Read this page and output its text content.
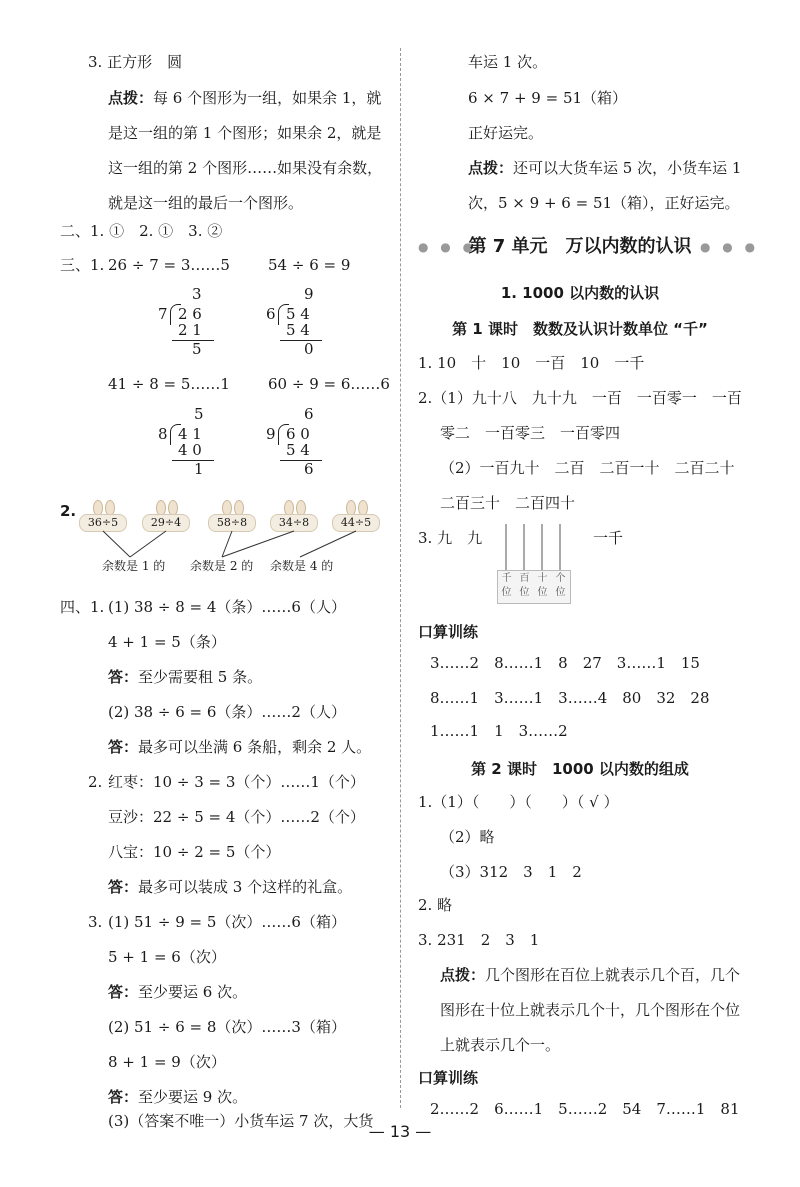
3. 正方形　圆
点拨：每 6 个图形为一组，如果余 1，就
是这一组的第 1 个图形；如果余 2，就是
这一组的第 2 个图形……如果没有余数，
就是这一组的最后一个图形。
二、1. ①　2. ①　3. ②
三、1. 26 ÷ 7 = 3……5	54 ÷ 6 = 9
3
7 2 6
2 1
5
9
6 5 4
5 4
0
41 ÷ 8 = 5……1	60 ÷ 9 = 6……6
5
8 4 1
4 0
1
6
9 6 0
5 4
6
2.
36÷5	29÷4	58÷8	34÷8	44÷5
余数是 1 的 余数是 2 的 余数是 4 的
四、1. (1) 38 ÷ 8 = 4（条）……6（人）
4 + 1 = 5（条）
答：至少需要租 5 条。
(2) 38 ÷ 6 = 6（条）……2（人）
答：最多可以坐满 6 条船，剩余 2 人。
2. 红枣：10 ÷ 3 = 3（个）……1（个）
豆沙：22 ÷ 5 = 4（个）……2（个）
八宝：10 ÷ 2 = 5（个）
答：最多可以装成 3 个这样的礼盒。
3. (1) 51 ÷ 9 = 5（次）……6（箱）
5 + 1 = 6（次）
答：至少要运 6 次。
(2) 51 ÷ 6 = 8（次）……3（箱）
8 + 1 = 9（次）
答：至少要运 9 次。
(3)（答案不唯一）小货车运 7 次，大货
车运 1 次。
6 × 7 + 9 = 51（箱）
正好运完。
点拨：还可以大货车运 5 次，小货车运 1
次，5 × 9 + 6 = 51（箱），正好运完。
● ● ●
第 7 单元　万以内数的认识 ● ● ●
1. 1000 以内数的认识
第 1 课时　数数及认识计数单位 “千”
1. 10　十　10　一百　10　一千
2.（1）九十八　九十九　一百　一百零一　一百
零二　一百零三　一百零四
（2）一百九十　二百　二百一十　二百二十
二百三十　二百四十
3. 九　九	一千
千位
百位
十位
个位
口算训练
3……2　8……1　8　27　3……1　15
8……1　3……1　3……4　80　32　28
1……1　1　3……2
第 2 课时　1000 以内数的组成
1.（1）（　　）（　　）（ √ ）
（2）略
（3）312　3　1　2
2. 略
3. 231　2　3　1
点拨：几个图形在百位上就表示几个百，几个
图形在十位上就表示几个十，几个图形在个位
上就表示几个一。
口算训练
2……2　6……1　5……2　54　7……1　81
— 13 —
